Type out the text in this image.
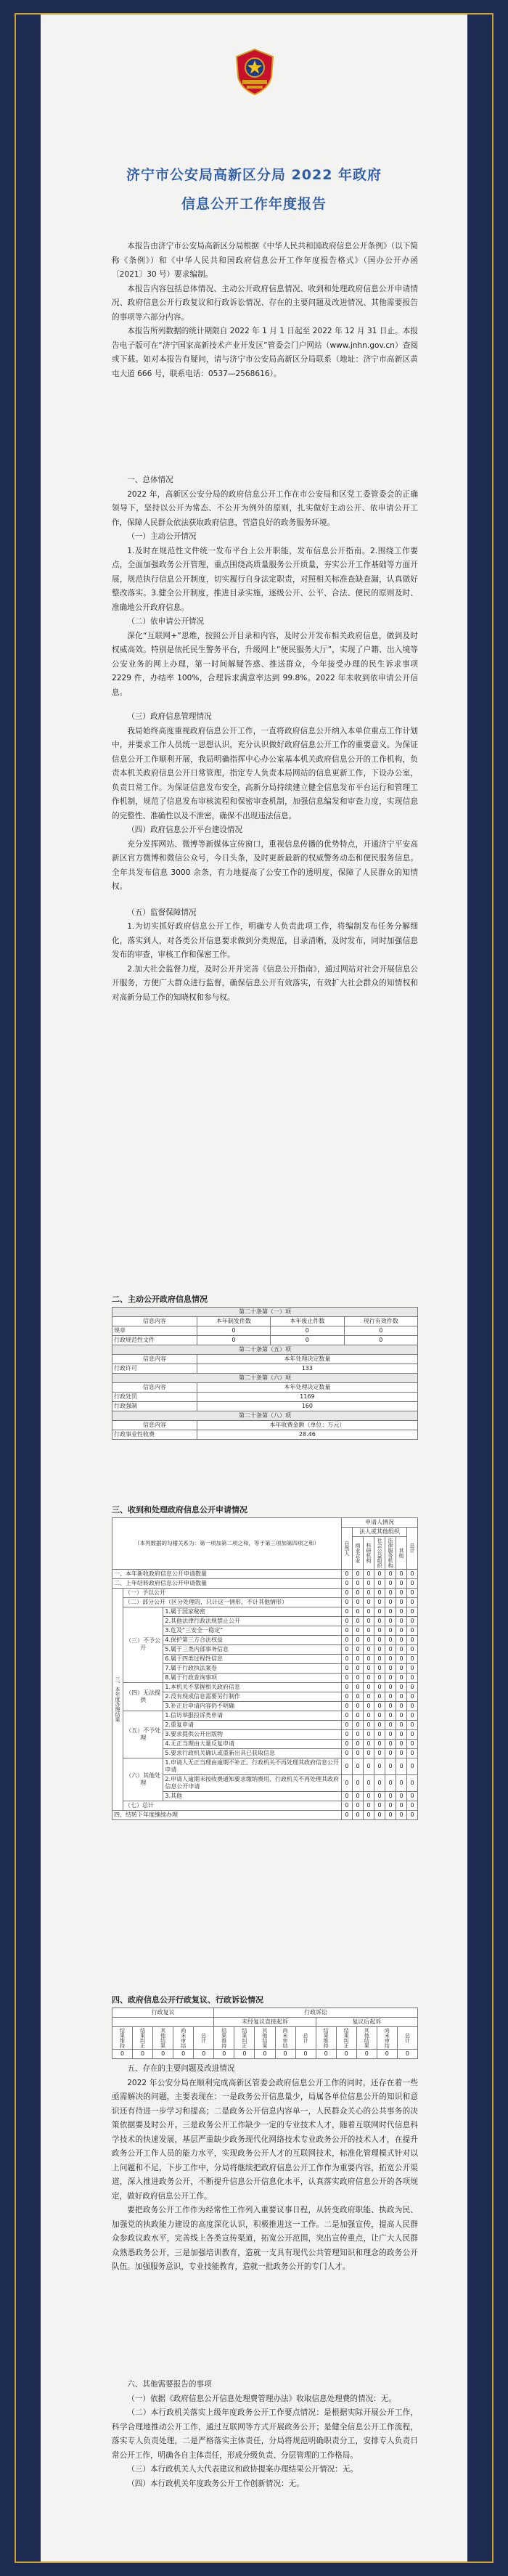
济宁市公安局高新区分局 2022 年政府
信息公开工作年度报告

本报告由济宁市公安局高新区分局根据《中华人民共和国政府信息公开条例》（以下简称《条例》）和《中华人民共和国政府信息公开工作年度报告格式》（国办公开办函〔2021〕30 号）要求编制。

本报告内容包括总体情况、主动公开政府信息情况、收到和处理政府信息公开申请情况、政府信息公开行政复议和行政诉讼情况、存在的主要问题及改进情况、其他需要报告的事项等六部分内容。

本报告所列数据的统计期限自 2022 年 1 月 1 日起至 2022 年 12 月 31 日止。本报告电子版可在“济宁国家高新技术产业开发区”管委会门户网站（www.jnhn.gov.cn）查阅或下载。如对本报告有疑问，请与济宁市公安局高新区分局联系（地址：济宁市高新区黄屯大道 666 号，联系电话：0537—2568616）。

一、总体情况

2022 年，高新区公安分局的政府信息公开工作在市公安局和区党工委管委会的正确领导下，坚持以公开为常态、不公开为例外的原则，扎实做好主动公开、依申请公开工作，保障人民群众依法获取政府信息，营造良好的政务服务环境。

（一）主动公开情况

1.及时在规范性文件统一发布平台上公开职能，发布信息公开指南。2.围绕工作要点，全面加强政务公开管理，重点围绕高质量服务公开质量，夯实公开工作基础等方面开展，规范执行信息公开制度，切实履行自身法定职责，对照相关标准查缺查漏，认真做好整改落实。3.健全公开制度，推进目录实施，逐级公开、公平、合法、便民的原则及时、准确地公开政府信息。

（二）依申请公开情况

深化“互联网+”思维，按照公开目录和内容，及时公开发布相关政府信息，做到及时权威高效。特别是依托民生警务平台，升级网上“便民服务大厅”，实现了户籍、出入境等公安业务的网上办理，第一时间解疑答惑、推送群众，今年接受办理的民生诉求事项 2229 件，办结率 100%，合理诉求满意率达到 99.8%。2022 年未收到依申请公开信息。

（三）政府信息管理情况

我局始终高度重视政府信息公开工作，一直将政府信息公开纳入本单位重点工作计划中，并要求工作人员统一思想认识，充分认识做好政府信息公开工作的重要意义。为保证信息公开工作顺利开展，我局明确指挥中心办公室基本机关政府信息公开的工作机构，负责本机关政府信息公开日常管理，指定专人负责本局网站的信息更新工作，下设办公室，负责日常工作。为保证信息发布安全，高新分局持续建立健全信息发布平台运行和管理工作机制，规范了信息发布审核流程和保密审查机制，加强信息编发和审查力度，实现信息的完整性、准确性以及不泄密，确保不出现违法信息。

（四）政府信息公开平台建设情况

充分发挥网站、微博等新媒体宣传窗口，重视信息传播的优势特点，开通济宁平安高新区官方微博和微信公众号，今日头条，及时更新最新的权威警务动态和便民服务信息。全年共发布信息 3000 余条，有力地提高了公安工作的透明度，保障了人民群众的知情权。

（五）监督保障情况

1.为切实抓好政府信息公开工作，明确专人负责此项工作，将编制发布任务分解细化，落实到人，对各类公开信息要求做到分类规范，目录清晰，及时发布，同时加强信息发布的审查，审核工作和保密工作。

2.加大社会监督力度，及时公开并完善《信息公开指南》，通过网站对社会开展信息公开服务，方便广大群众进行监督，确保信息公开有效落实，有效扩大社会群众的知情权和对高新分局工作的知晓权和参与权。

二、主动公开政府信息情况

第二十条第（一）项			
信息内容	本年制发件数	本年废止件数	现行有效件数
规章	0	0	0
行政规范性文件	0	0	0
第二十条第（五）项			
信息内容	本年处理决定数量		
行政许可	133		
第二十条第（六）项			
信息内容	本年处理决定数量		
行政处罚	1169		
行政强制	160		
第二十条第（八）项			
信息内容	本年收费金额（单位：万元）		
行政事业性收费	28.46		

三、收到和处理政府信息公开申请情况

（本列数据的勾稽关系为：第一项加第二项之和，等于第三项加第四项之和）			申请人情况						
			自然人	法人或其他组织					总计
				商业企业	科研机构	社会公益组织	法律服务机构	其他	
一、本年新收政府信息公开申请数量			0	0	0	0	0	0	0
二、上年结转政府信息公开申请数量			0	0	0	0	0	0	0
三、本年度办理结果	（一）予以公开		0	0	0	0	0	0	0
	（二）部分公开（区分处理的，只计这一情形，不计其他情形）		0	0	0	0	0	0	0
	（三）不予公开	1.属于国家秘密	0	0	0	0	0	0	0
		2.其他法律行政法规禁止公开	0	0	0	0	0	0	0
		3.危及“三安全一稳定”	0	0	0	0	0	0	0
		4.保护第三方合法权益	0	0	0	0	0	0	0
		5.属于三类内部事务信息	0	0	0	0	0	0	0
		6.属于四类过程性信息	0	0	0	0	0	0	0
		7.属于行政执法案卷	0	0	0	0	0	0	0
		8.属于行政查询事项	0	0	0	0	0	0	0
	（四）无法提供	1.本机关不掌握相关政府信息	0	0	0	0	0	0	0
		2.没有现成信息需要另行制作	0	0	0	0	0	0	0
		3.补正后申请内容仍不明确	0	0	0	0	0	0	0
	（五）不予处理	1.信访举报投诉类申请	0	0	0	0	0	0	0
		2.重复申请	0	0	0	0	0	0	0
		3.要求提供公开出版物	0	0	0	0	0	0	0
		4.无正当理由大量反复申请	0	0	0	0	0	0	0
		5.要求行政机关确认或重新出具已获取信息	0	0	0	0	0	0	0
	（六）其他处理	1.申请人无正当理由逾期不补正、行政机关不再处理其政府信息公开申请	0	0	0	0	0	0	0
		2.申请人逾期未按收费通知要求缴纳费用、行政机关不再处理其政府信息公开申请	0	0	0	0	0	0	0
		3.其他	0	0	0	0	0	0	0
	（七）总计		0	0	0	0	0	0	0
四、结转下年度继续办理			0	0	0	0	0	0	0

四、政府信息公开行政复议、行政诉讼情况

行政复议					行政诉讼									
					未经复议直接起诉					复议后起诉				
结果维持	结果纠正	其他结果	尚未审结	总计	结果维持	结果纠正	其他结果	尚未审结	总计	结果维持	结果纠正	其他结果	尚未审结	总计
0	0	0	0	0	0	0	0	0	0	0	0	0	0	0

五、存在的主要问题及改进情况

2022 年公安分局在顺利完成高新区管委会政府信息公开工作的同时，还存在着一些亟需解决的问题，主要表现在：一是政务公开信息量少，局属各单位信息公开的知识和意识还有待进一步学习和提高；二是政务公开信息内容单一，人民群众关心的公共事务的决策依据要及时公开。三是政务公开工作缺少一定的专业技术人才，随着互联网时代信息科学技术的快速发展，基层严重缺少政务现代化网络技术专业政务公开的技术人才，在提升政务公开工作人员的能力水平，实现政务公开人才的互联网技术，标准化管理模式针对以上问题和不足，下步工作中，分局将继续把政府信息公开工作作为重要内容，拓宽公开渠道，深入推进政务公开，不断提升信息公开信息化水平，认真落实政府信息公开的各项规定，做好政府信息公开工作。

要把政务公开工作作为经常性工作列入重要议事日程，从转变政府职能、执政为民、加强党的执政能力建设的高度深化认识，积极推进这一工作。二是加强宣传，提高人民群众参政议政水平，完善线上各类宣传渠道，拓宽公开范围，突出宣传重点，让广大人民群众熟悉政务公开，三是加强培训教育，造就一支具有现代公共管理知识和理念的政务公开队伍。加强服务意识，专业技能教育，造就一批政务公开的专门人才。

六、其他需要报告的事项

（一）依据《政府信息公开信息处理费管理办法》收取信息处理费的情况：无。

（二）本行政机关落实上级年度政务公开工作要点情况：是根据实际开展公开工作，科学合理地推动公开工作，通过互联网等方式开展政务公开；是健全信息公开工作流程，落实专人负责处理，二是严格落实主体责任，分局将规范明确职责分工，安排专人负责日常公开工作，明确各自主体责任，形成分级负责、分层管理的工作格局。

（三）本行政机关人大代表建议和政协提案办理结果公开情况：无。

（四）本行政机关年度政务公开工作创新情况：无。
